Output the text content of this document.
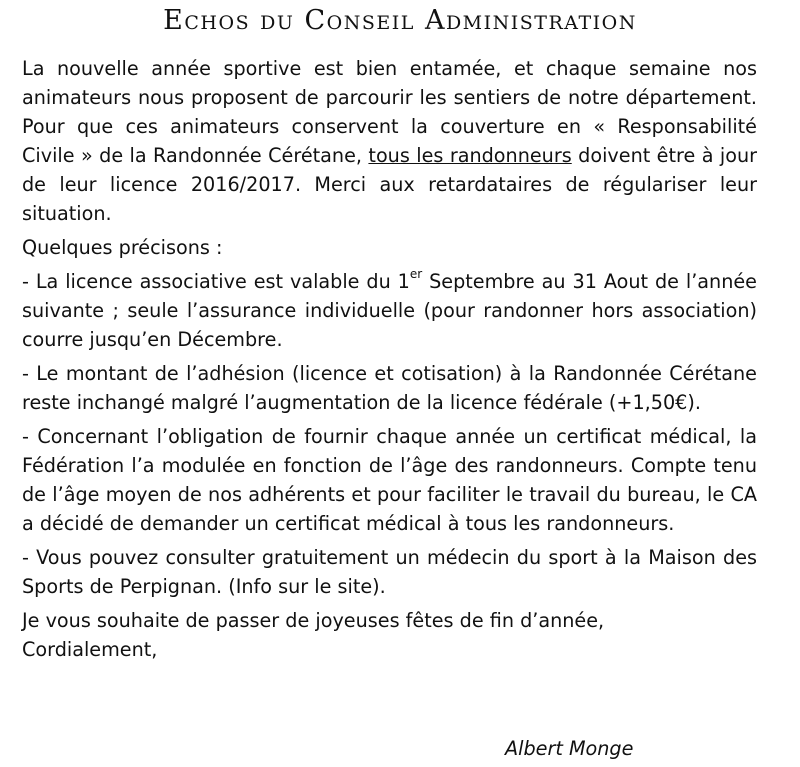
Echos du Conseil Administration

La nouvelle année sportive est bien entamée, et chaque semaine nos animateurs nous proposent de parcourir les sentiers de notre département. Pour que ces animateurs conservent la couverture en « Responsabilité Civile » de la Randonnée Cérétane, tous les randonneurs doivent être à jour de leur licence 2016/2017. Merci aux retardataires de régulariser leur situation.

Quelques précisons :

- La licence associative est valable du 1er Septembre au 31 Aout de l’année suivante ; seule l’assurance individuelle (pour randonner hors association) courre jusqu’en Décembre.

- Le montant de l’adhésion (licence et cotisation) à la Randonnée Cérétane reste inchangé malgré l’augmentation de la licence fédérale (+1,50€).

- Concernant l’obligation de fournir chaque année un certificat médical, la Fédération l’a modulée en fonction de l’âge des randonneurs. Compte tenu de l’âge moyen de nos adhérents et pour faciliter le travail du bureau, le CA a décidé de demander un certificat médical à tous les randonneurs.

- Vous pouvez consulter gratuitement un médecin du sport à la Maison des Sports de Perpignan. (Info sur le site).

Je vous souhaite de passer de joyeuses fêtes de fin d’année,
Cordialement,

Albert Monge
